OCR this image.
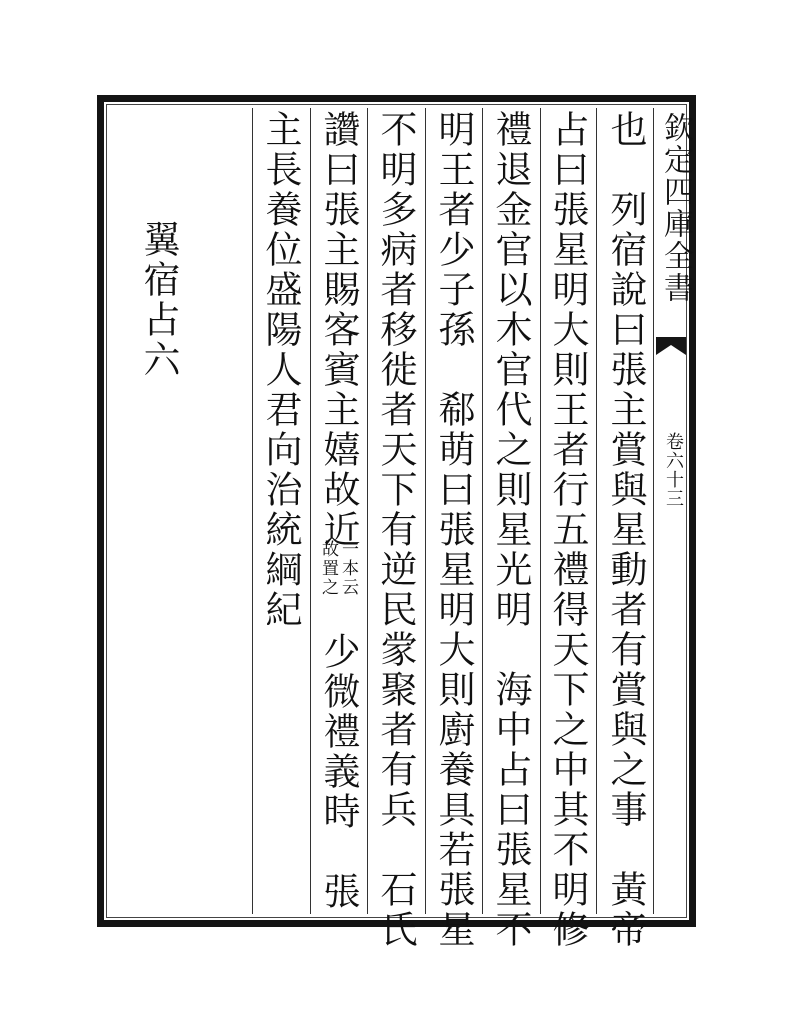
欽定四庫全書
卷六十三
也　列宿說曰張主賞與星動者有賞與之事　黃帝
占曰張星明大則王者行五禮得天下之中其不明修
禮退金官以木官代之則星光明　海中占曰張星不
明王者少子孫　郗萌曰張星明大則廚養具若張星
不明多病者移徙者天下有逆民䝉聚者有兵　石氏
讚曰張主賜客賓主嬉故近
一本云
故置之
少微禮義時　張
主長養位盛陽人君向治統綱紀
翼宿占六
